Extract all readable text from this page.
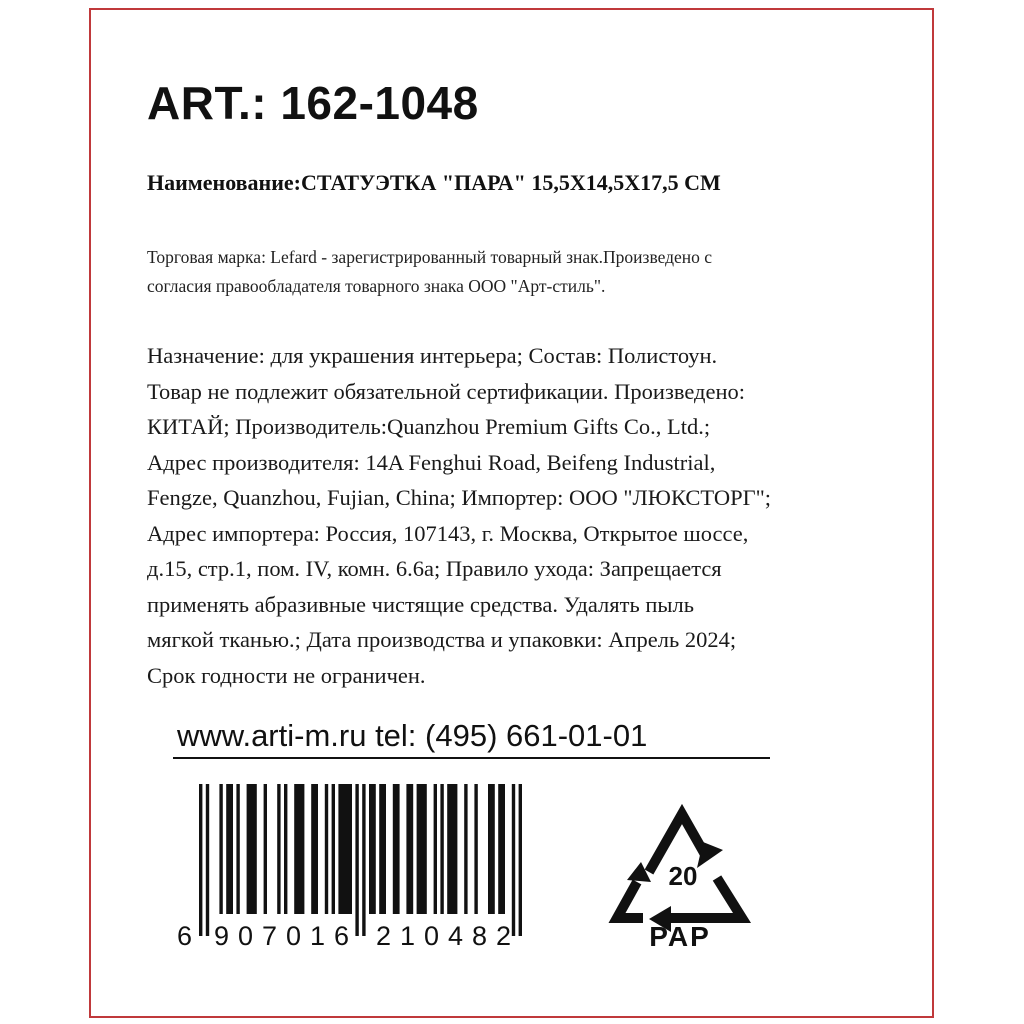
ART.: 162-1048
Наименование:СТАТУЭТКА "ПАРА" 15,5X14,5X17,5 СМ
Торговая марка: Lefard - зарегистрированный товарный знак.Произведено с
согласия правообладателя товарного знака ООО "Арт-стиль".
Назначение: для украшения интерьера; Состав: Полистоун.
Товар не подлежит обязательной сертификации. Произведено:
КИТАЙ; Производитель:Quanzhou Premium Gifts Co., Ltd.;
Адрес производителя: 14A Fenghui Road, Beifeng Industrial,
Fengze, Quanzhou, Fujian, China; Импортер: ООО "ЛЮКСТОРГ";
Адрес импортера: Россия, 107143, г. Москва, Открытое шоссе,
д.15, стр.1, пом. IV, комн. 6.6а; Правило ухода: Запрещается
применять абразивные чистящие средства. Удалять пыль
мягкой тканью.; Дата производства и упаковки: Апрель 2024;
Срок годности не ограничен.
www.arti-m.ru tel: (495) 661-01-01
6 907016 210482
20
PAP
